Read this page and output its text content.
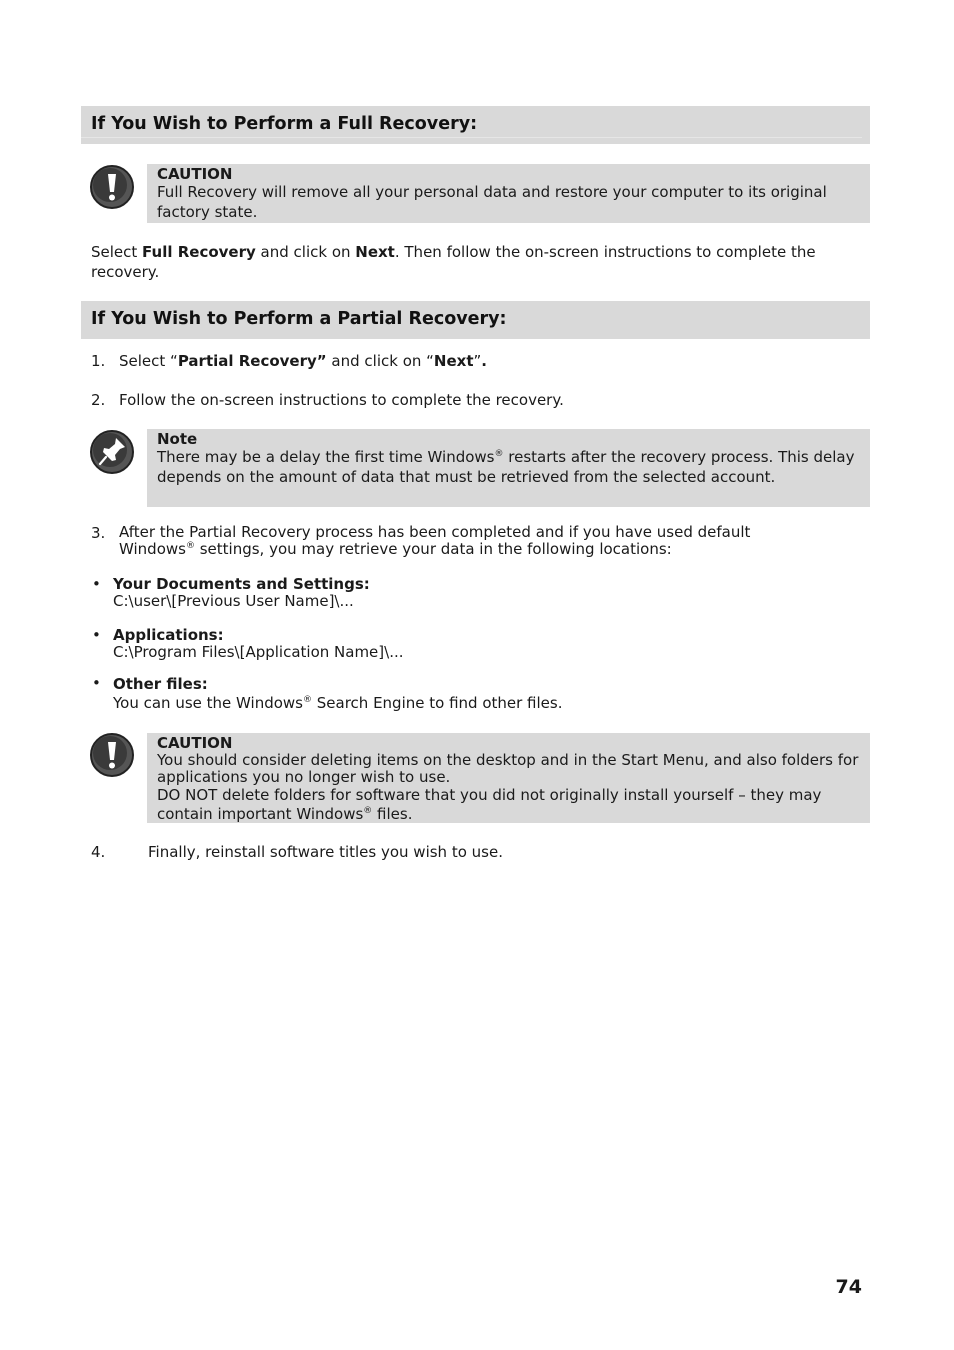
If You Wish to Perform a Full Recovery:
CAUTION
Full Recovery will remove all your personal data and restore your computer to its original factory state.
Select Full Recovery and click on Next. Then follow the on-screen instructions to complete the recovery.
If You Wish to Perform a Partial Recovery:
1. Select “Partial Recovery” and click on “Next”.
2. Follow the on-screen instructions to complete the recovery.
Note
There may be a delay the first time Windows® restarts after the recovery process. This delay depends on the amount of data that must be retrieved from the selected account.
3. After the Partial Recovery process has been completed and if you have used default
Windows® settings, you may retrieve your data in the following locations:
• Your Documents and Settings:
C:\user\[Previous User Name]\...
• Applications:
C:\Program Files\[Application Name]\...
• Other files:
You can use the Windows® Search Engine to find other files.
CAUTION
You should consider deleting items on the desktop and in the Start Menu, and also folders for applications you no longer wish to use.
DO NOT delete folders for software that you did not originally install yourself – they may contain important Windows® files.
4.	Finally, reinstall software titles you wish to use.
74
